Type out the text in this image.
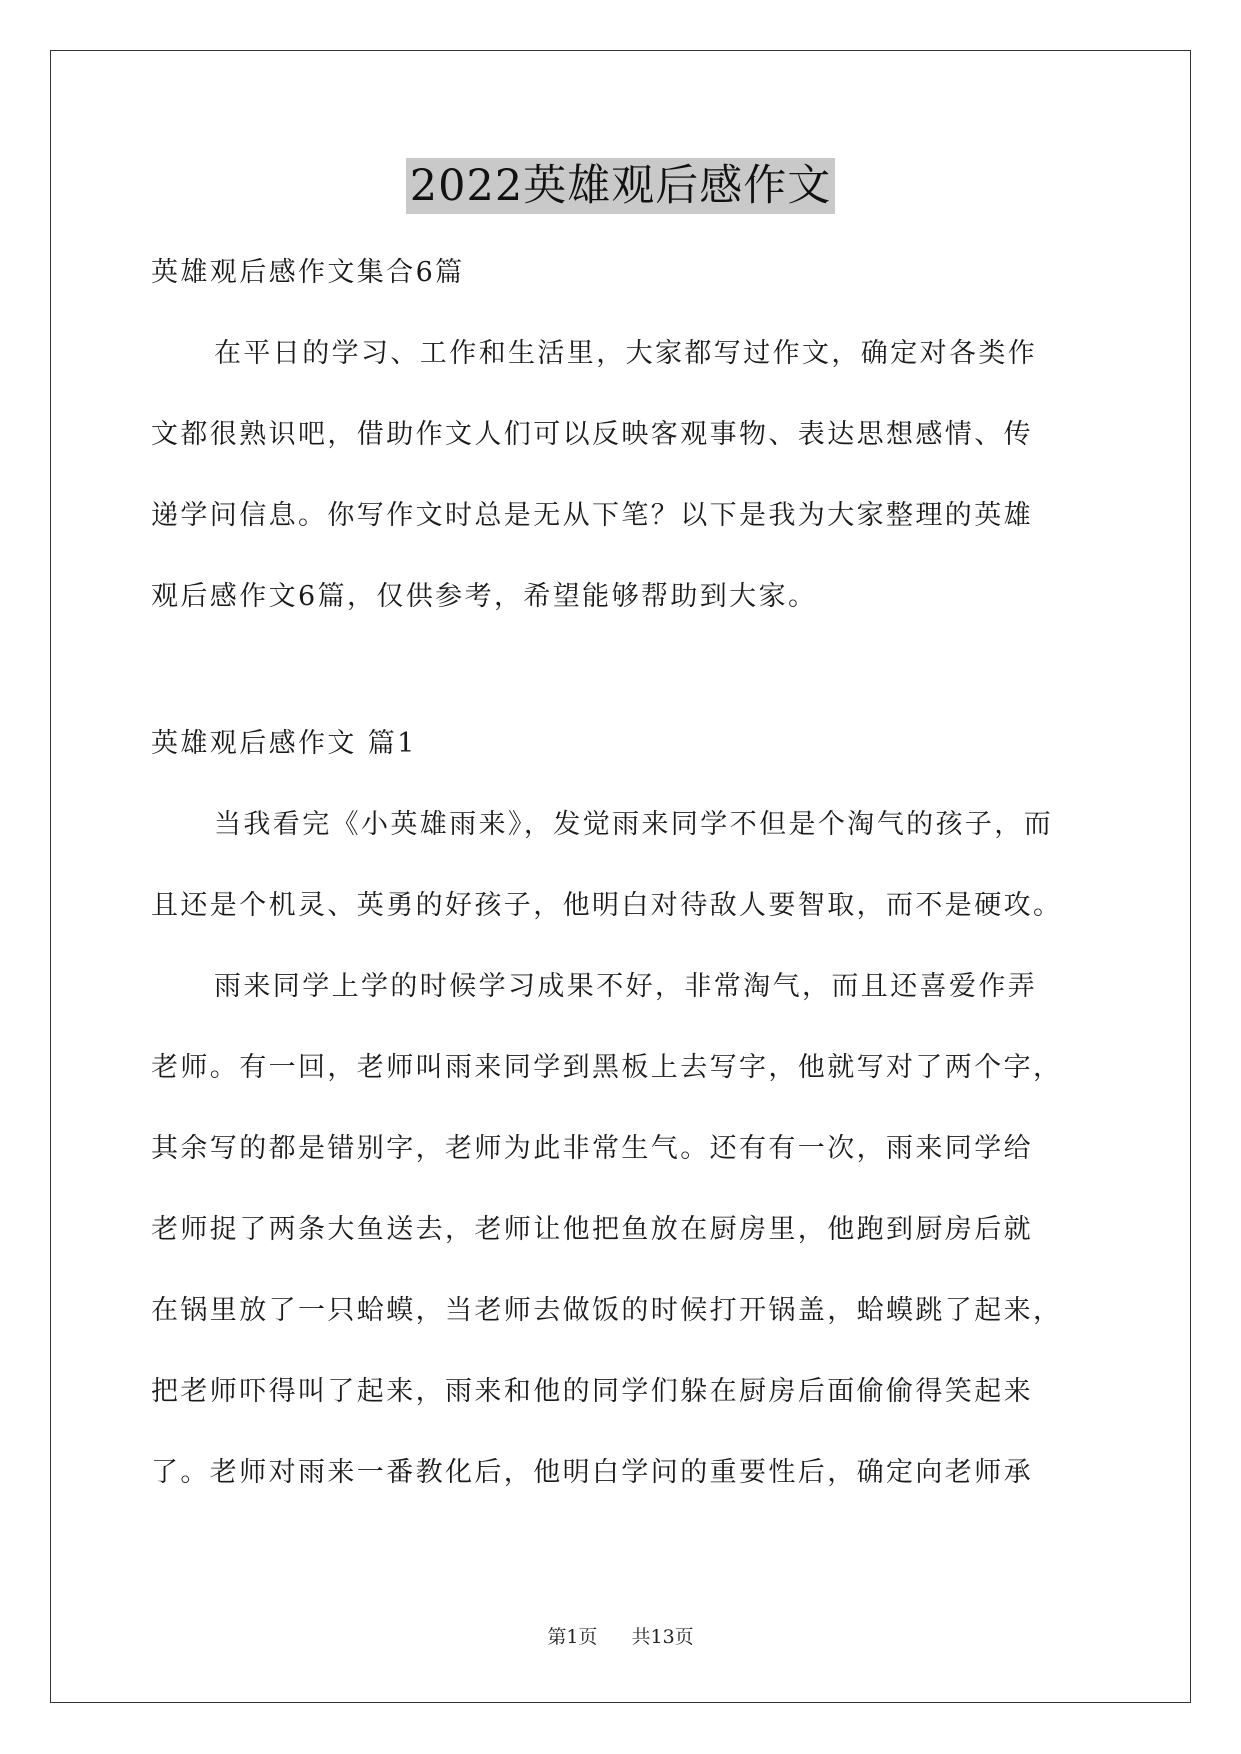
2022英雄观后感作文
英雄观后感作文集合6篇
在平日的学习、工作和生活里，大家都写过作文，确定对各类作
文都很熟识吧，借助作文人们可以反映客观事物、表达思想感情、传
递学问信息。你写作文时总是无从下笔？以下是我为大家整理的英雄
观后感作文6篇，仅供参考，希望能够帮助到大家。
英雄观后感作文 篇1
当我看完《小英雄雨来》，发觉雨来同学不但是个淘气的孩子，而
且还是个机灵、英勇的好孩子，他明白对待敌人要智取，而不是硬攻。
雨来同学上学的时候学习成果不好，非常淘气，而且还喜爱作弄
老师。有一回，老师叫雨来同学到黑板上去写字，他就写对了两个字，
其余写的都是错别字，老师为此非常生气。还有有一次，雨来同学给
老师捉了两条大鱼送去，老师让他把鱼放在厨房里，他跑到厨房后就
在锅里放了一只蛤蟆，当老师去做饭的时候打开锅盖，蛤蟆跳了起来，
把老师吓得叫了起来，雨来和他的同学们躲在厨房后面偷偷得笑起来
了。老师对雨来一番教化后，他明白学问的重要性后，确定向老师承
第1页 共13页
